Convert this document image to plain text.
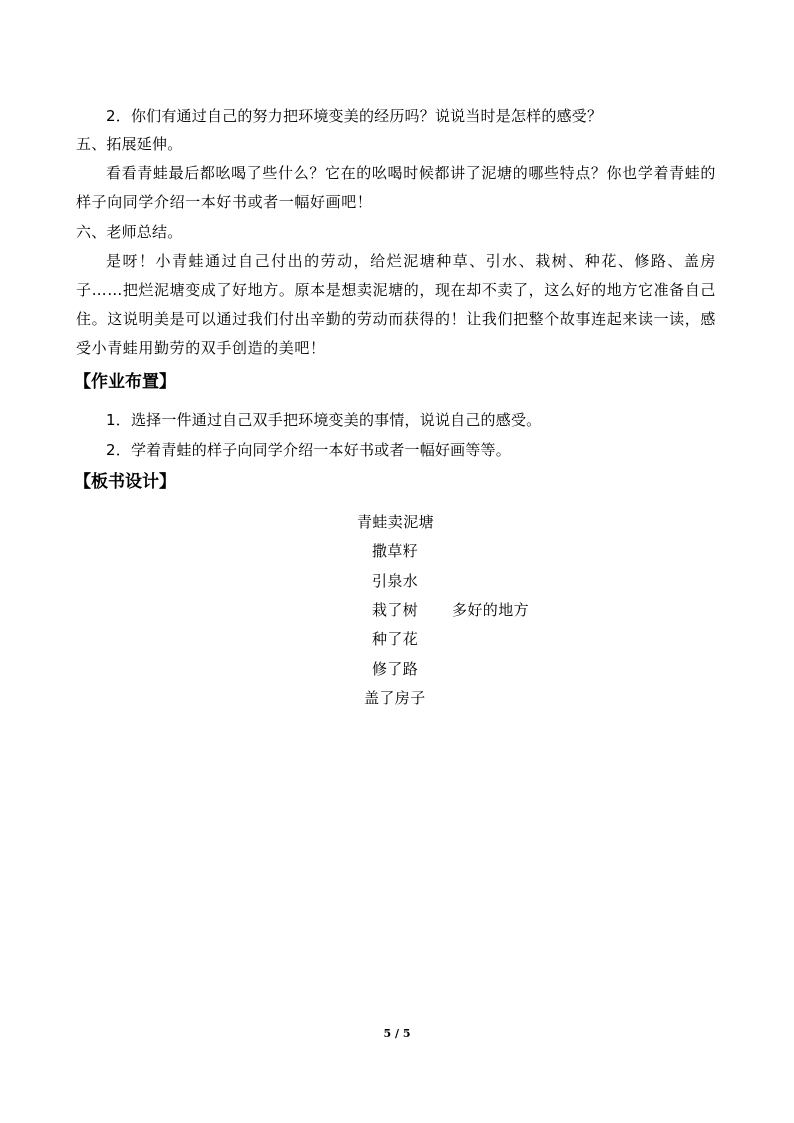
2．你们有通过自己的努力把环境变美的经历吗？说说当时是怎样的感受？
五、拓展延伸。
看看青蛙最后都吆喝了些什么？它在的吆喝时候都讲了泥塘的哪些特点？你也学着青蛙的样子向同学介绍一本好书或者一幅好画吧！
六、老师总结。
是呀！小青蛙通过自己付出的劳动，给烂泥塘种草、引水、栽树、种花、修路、盖房子……把烂泥塘变成了好地方。原本是想卖泥塘的，现在却不卖了，这么好的地方它准备自己住。这说明美是可以通过我们付出辛勤的劳动而获得的！让我们把整个故事连起来读一读，感受小青蛙用勤劳的双手创造的美吧！
【作业布置】
1．选择一件通过自己双手把环境变美的事情，说说自己的感受。
2．学着青蛙的样子向同学介绍一本好书或者一幅好画等等。
【板书设计】
青蛙卖泥塘
撒草籽
引泉水
栽了树 多好的地方
种了花
修了路
盖了房子
5 / 5
